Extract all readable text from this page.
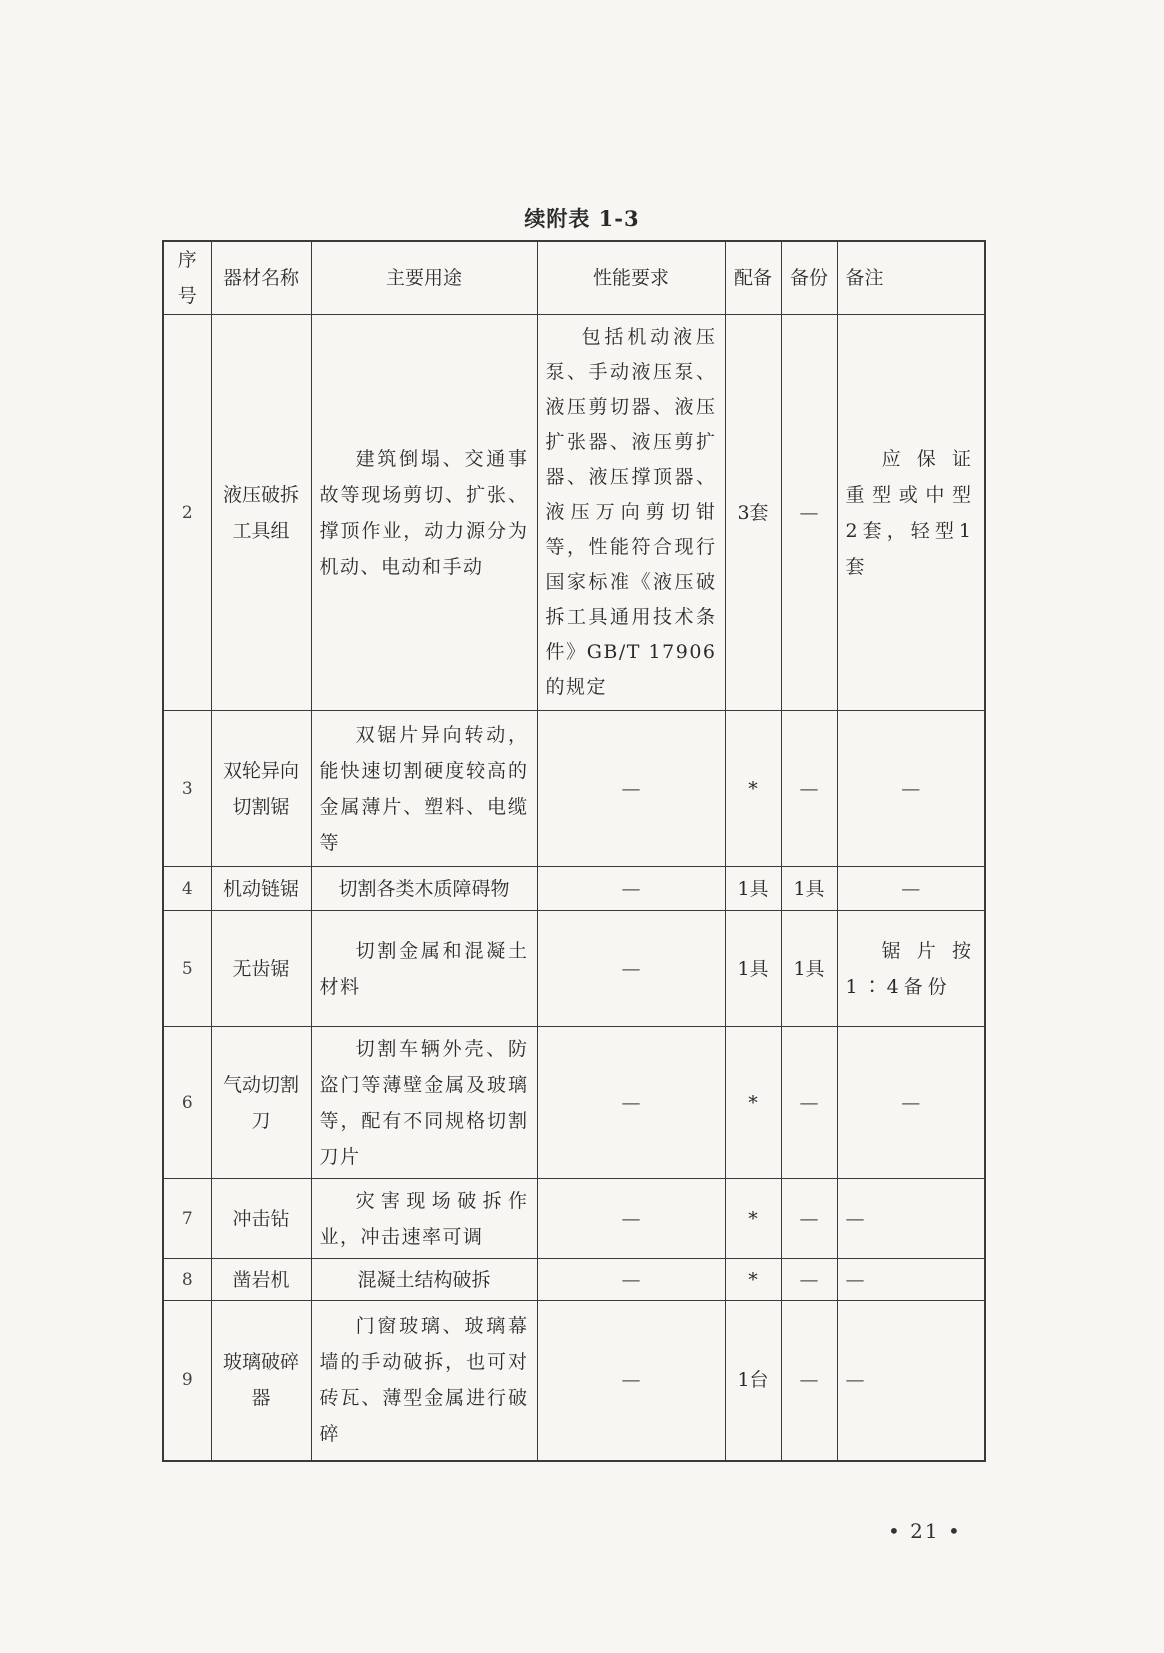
续附表 1-3
序号	器材名称	主要用途	性能要求	配备	备份	备注
2	液压破拆工具组	建筑倒塌、交通事故等现场剪切、扩张、撑顶作业，动力源分为机动、电动和手动	包括机动液压泵、手动液压泵、液压剪切器、液压扩张器、液压剪扩器、液压撑顶器、液压万向剪切钳等，性能符合现行国家标准《液压破拆工具通用技术条件》GB/T 17906的规定	3套	—	应保证重型或中型2套，轻型1套
3	双轮异向切割锯	双锯片异向转动，能快速切割硬度较高的金属薄片、塑料、电缆等	—	*	—	—
4	机动链锯	切割各类木质障碍物	—	1具	1具	—
5	无齿锯	切割金属和混凝土材料	—	1具	1具	锯片按1∶4备份
6	气动切割刀	切割车辆外壳、防盗门等薄壁金属及玻璃等，配有不同规格切割刀片	—	*	—	—
7	冲击钻	灾害现场破拆作业，冲击速率可调	—	*	—	—
8	凿岩机	混凝土结构破拆	—	*	—	—
9	玻璃破碎器	门窗玻璃、玻璃幕墙的手动破拆，也可对砖瓦、薄型金属进行破碎	—	1台	—	—
• 21 •
